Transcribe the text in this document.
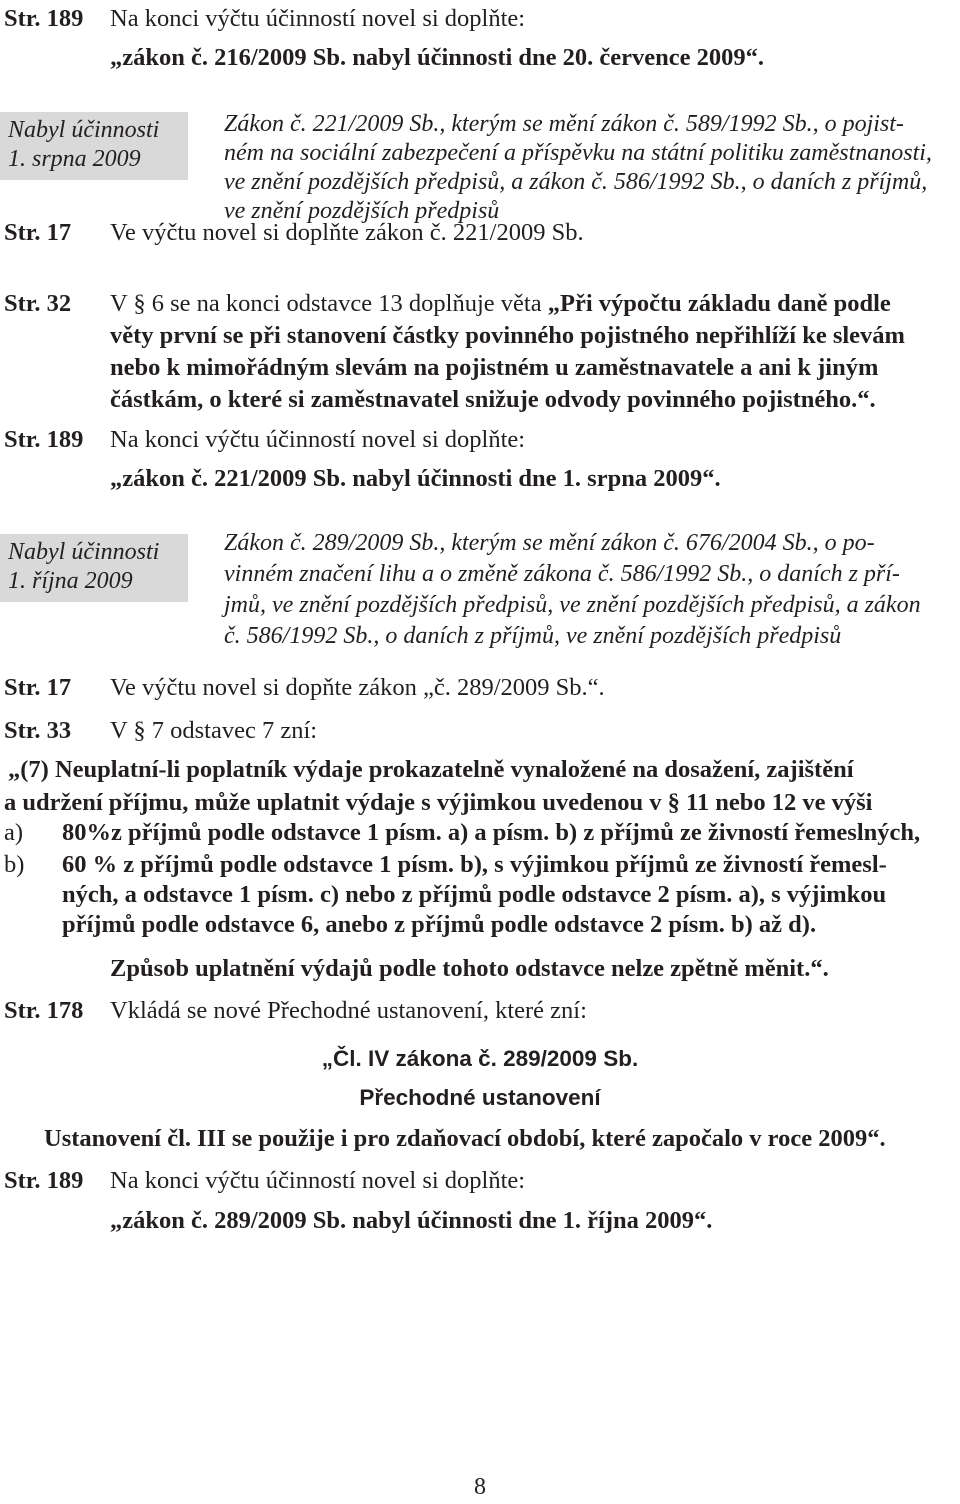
Str. 189 Na konci výčtu účinností novel si doplňte:
„zákon č. 216/2009 Sb. nabyl účinnosti dne 20. července 2009“.
Nabyl účinnosti
1. srpna 2009
Zákon č. 221/2009 Sb., kterým se mění zákon č. 589/1992 Sb., o pojist-
ném na sociální zabezpečení a příspěvku na státní politiku zaměstnanosti,
ve znění pozdějších předpisů, a zákon č. 586/1992 Sb., o daních z příjmů,
ve znění pozdějších předpisů
Str. 17 Ve výčtu novel si doplňte zákon č. 221/2009 Sb.
Str. 32 V § 6 se na konci odstavce 13 doplňuje věta „Při výpočtu základu daně podle
věty první se při stanovení částky povinného pojistného nepřihlíží ke slevám
nebo k mimořádným slevám na pojistném u zaměstnavatele a ani k jiným
částkám, o které si zaměstnavatel snižuje odvody povinného pojistného.“.
Str. 189 Na konci výčtu účinností novel si doplňte:
„zákon č. 221/2009 Sb. nabyl účinnosti dne 1. srpna 2009“.
Nabyl účinnosti
1. října 2009
Zákon č. 289/2009 Sb., kterým se mění zákon č. 676/2004 Sb., o po-
vinném značení lihu a o změně zákona č. 586/1992 Sb., o daních z pří-
jmů, ve znění pozdějších předpisů, ve znění pozdějších předpisů, a zákon
č. 586/1992 Sb., o daních z příjmů, ve znění pozdějších předpisů
Str. 17 Ve výčtu novel si dopňte zákon „č. 289/2009 Sb.“.
Str. 33 V § 7 odstavec 7 zní:
„(7) Neuplatní-li poplatník výdaje prokazatelně vynaložené na dosažení, zajištění
a udržení příjmu, může uplatnit výdaje s výjimkou uvedenou v § 11 nebo 12 ve výši
a) 80%z příjmů podle odstavce 1 písm. a) a písm. b) z příjmů ze živností řemeslných,
b) 60 % z příjmů podle odstavce 1 písm. b), s výjimkou příjmů ze živností řemesl-
ných, a odstavce 1 písm. c) nebo z příjmů podle odstavce 2 písm. a), s výjimkou
příjmů podle odstavce 6, anebo z příjmů podle odstavce 2 písm. b) až d).
Způsob uplatnění výdajů podle tohoto odstavce nelze zpětně měnit.“.
Str. 178 Vkládá se nové Přechodné ustanovení, které zní:
„Čl. IV zákona č. 289/2009 Sb.
Přechodné ustanovení
Ustanovení čl. III se použije i pro zdaňovací období, které započalo v roce 2009“.
Str. 189 Na konci výčtu účinností novel si doplňte:
„zákon č. 289/2009 Sb. nabyl účinnosti dne 1. října 2009“.
8
